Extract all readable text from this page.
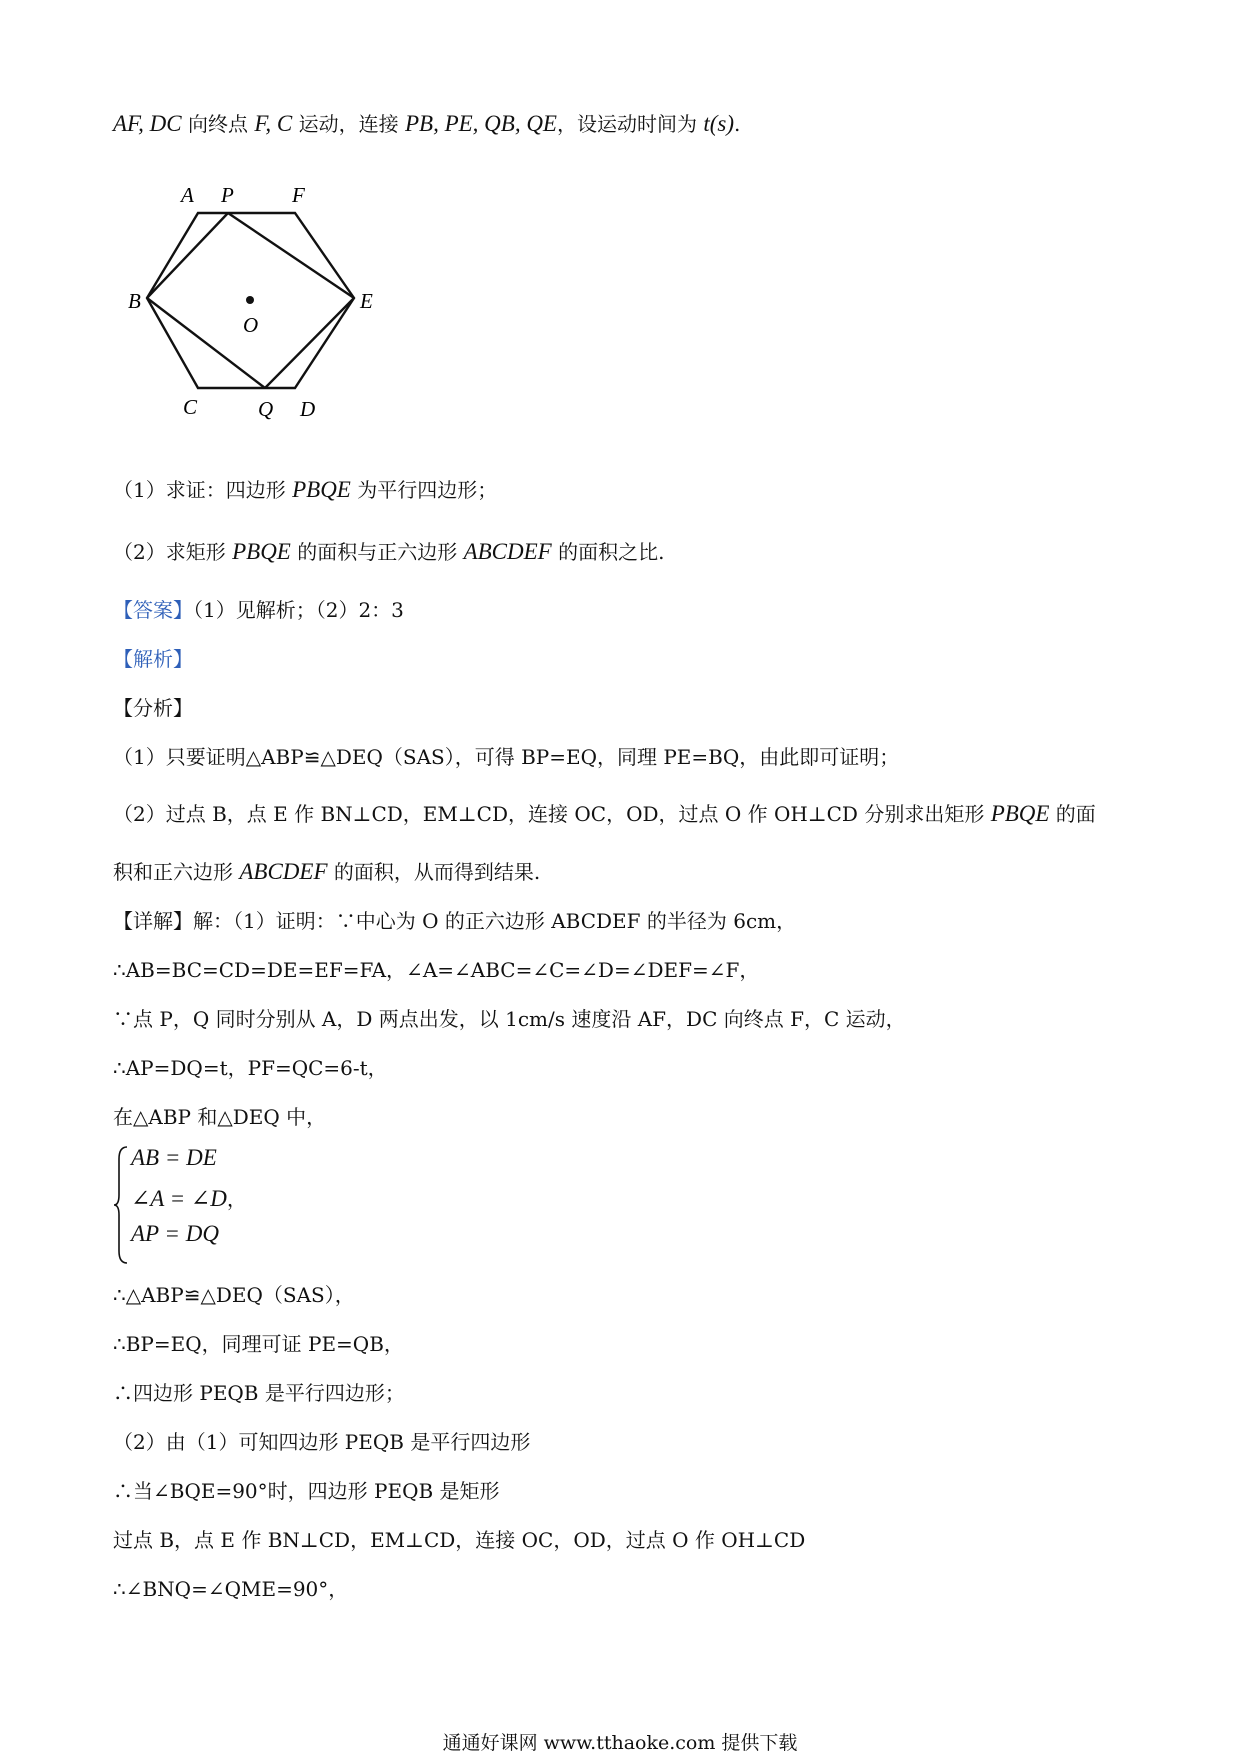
AF, DC 向终点 F, C 运动，连接 PB, PE, QB, QE，设运动时间为 t(s).
A P	F
B	E
O
C	Q D
（1）求证：四边形 PBQE 为平行四边形；
（2）求矩形 PBQE 的面积与正六边形 ABCDEF 的面积之比.
【答案】（1）见解析；（2）2：3
【解析】
【分析】
（1）只要证明△ABP≌△DEQ（SAS），可得 BP=EQ，同理 PE=BQ，由此即可证明；
（2）过点 B，点 E 作 BN⊥CD，EM⊥CD，连接 OC，OD，过点 O 作 OH⊥CD 分别求出矩形 PBQE 的面
积和正六边形 ABCDEF 的面积，从而得到结果.
【详解】解：（1）证明：∵中心为 O 的正六边形 ABCDEF 的半径为 6cm，
∴AB=BC=CD=DE=EF=FA，∠A=∠ABC=∠C=∠D=∠DEF=∠F，
∵点 P，Q 同时分别从 A，D 两点出发，以 1cm/s 速度沿 AF，DC 向终点 F，C 运动，
∴AP=DQ=t，PF=QC=6-t，
在△ABP 和△DEQ 中，
AB = DE
∠A = ∠D，
AP = DQ
∴△ABP≌△DEQ（SAS），
∴BP=EQ，同理可证 PE=QB，
∴四边形 PEQB 是平行四边形；
（2）由（1）可知四边形 PEQB 是平行四边形
∴当∠BQE=90°时，四边形 PEQB 是矩形
过点 B，点 E 作 BN⊥CD，EM⊥CD，连接 OC，OD，过点 O 作 OH⊥CD
∴∠BNQ=∠QME=90°，
通通好课网 www.tthaoke.com 提供下载
